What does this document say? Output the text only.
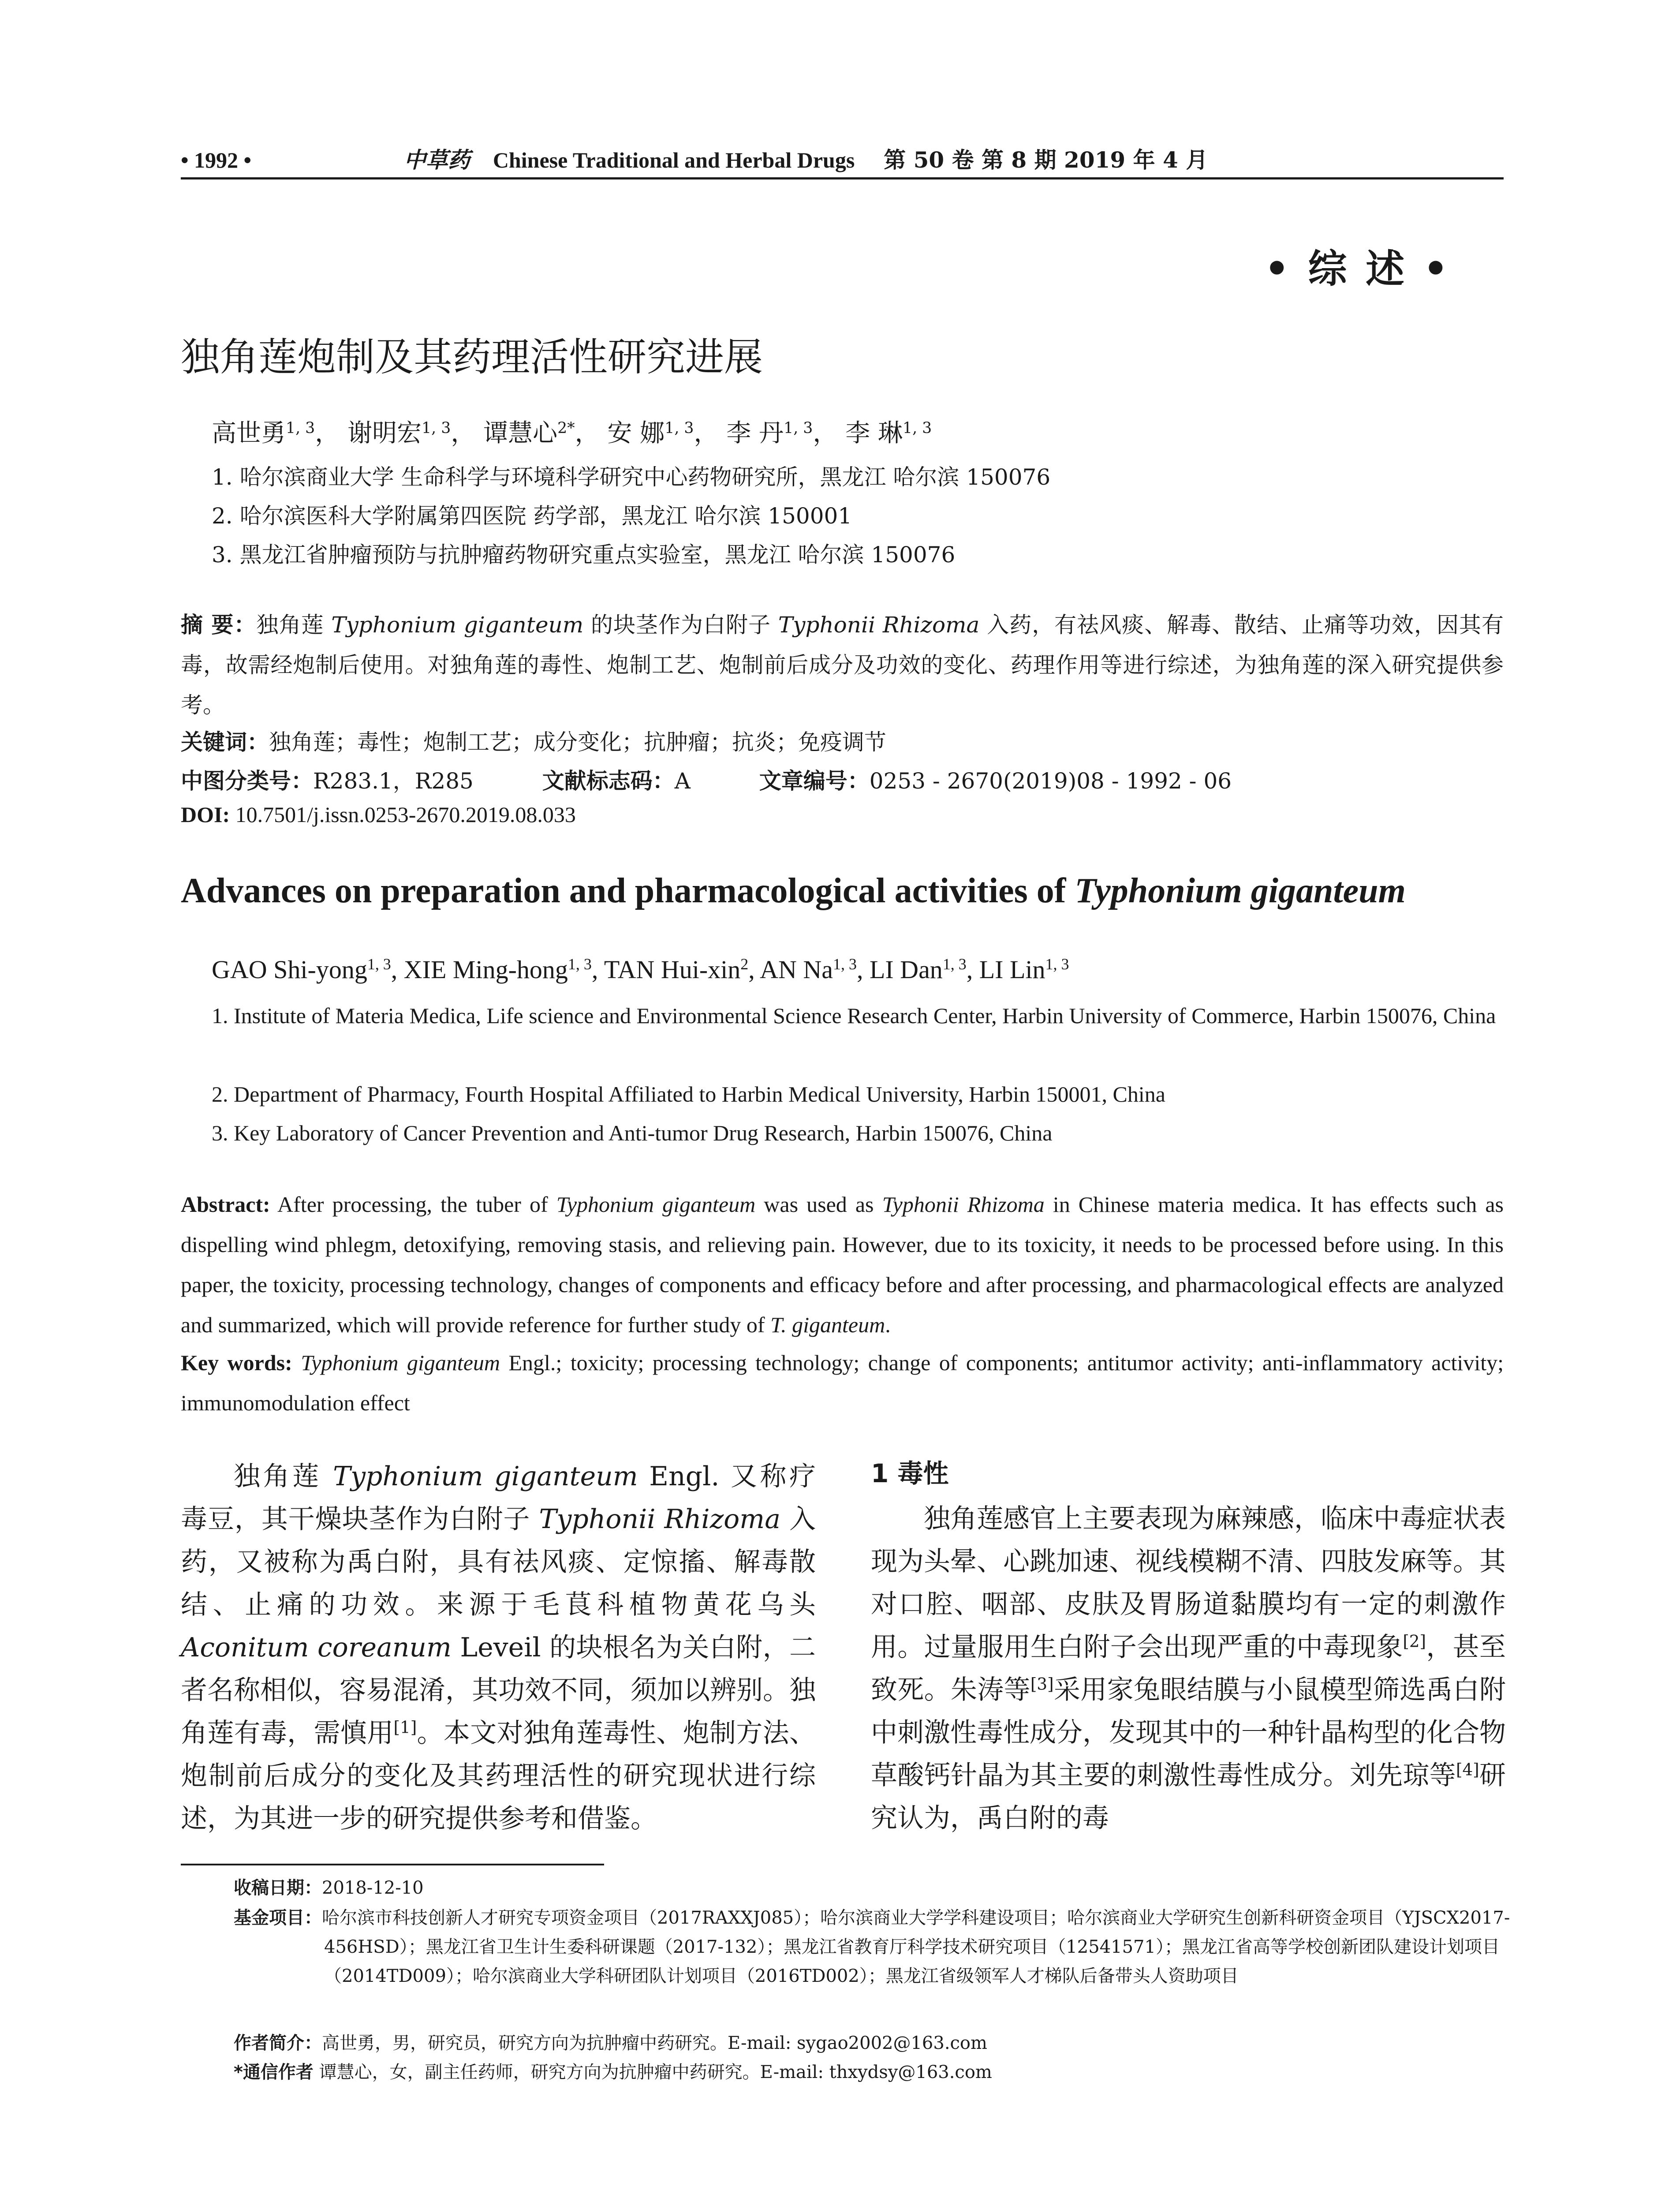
• 1992 •	中草药 Chinese Traditional and Herbal Drugs 第 50 卷 第 8 期 2019 年 4 月
• 综 述 •
独角莲炮制及其药理活性研究进展
高世勇$^{1, 3}$， 谢明宏$^{1, 3}$， 谭慧心$^{2*}$， 安 娜$^{1, 3}$， 李 丹$^{1, 3}$， 李 琳$^{1, 3}$
1. 哈尔滨商业大学 生命科学与环境科学研究中心药物研究所，黑龙江 哈尔滨 150076
2. 哈尔滨医科大学附属第四医院 药学部，黑龙江 哈尔滨 150001
3. 黑龙江省肿瘤预防与抗肿瘤药物研究重点实验室，黑龙江 哈尔滨 150076
摘 要：独角莲 Typhonium giganteum 的块茎作为白附子 Typhonii Rhizoma 入药，有祛风痰、解毒、散结、止痛等功效，因其有毒，故需经炮制后使用。对独角莲的毒性、炮制工艺、炮制前后成分及功效的变化、药理作用等进行综述，为独角莲的深入研究提供参考。
关键词：独角莲；毒性；炮制工艺；成分变化；抗肿瘤；抗炎；免疫调节
中图分类号：R283.1，R285	文献标志码：A	文章编号：0253 - 2670(2019)08 - 1992 - 06
DOI: 10.7501/j.issn.0253-2670.2019.08.033
Advances on preparation and pharmacological activities of Typhonium giganteum
GAO Shi-yong$^{1, 3}$, XIE Ming-hong$^{1, 3}$, TAN Hui-xin$^2$, AN Na$^{1, 3}$, LI Dan$^{1, 3}$, LI Lin$^{1, 3}$
1. Institute of Materia Medica, Life science and Environmental Science Research Center, Harbin University of Commerce, Harbin 150076, China
2. Department of Pharmacy, Fourth Hospital Affiliated to Harbin Medical University, Harbin 150001, China
3. Key Laboratory of Cancer Prevention and Anti-tumor Drug Research, Harbin 150076, China
Abstract: After processing, the tuber of Typhonium giganteum was used as Typhonii Rhizoma in Chinese materia medica. It has effects such as dispelling wind phlegm, detoxifying, removing stasis, and relieving pain. However, due to its toxicity, it needs to be processed before using. In this paper, the toxicity, processing technology, changes of components and efficacy before and after processing, and pharmacological effects are analyzed and summarized, which will provide reference for further study of T. giganteum.
Key words: Typhonium giganteum Engl.; toxicity; processing technology; change of components; antitumor activity; anti-inflammatory activity; immunomodulation effect

独角莲 Typhonium giganteum Engl. 又称疗毒豆，其干燥块茎作为白附子 Typhonii Rhizoma 入药，又被称为禹白附，具有祛风痰、定惊搐、解毒散结、止痛的功效。来源于毛茛科植物黄花乌头 Aconitum coreanum Leveil 的块根名为关白附，二者名称相似，容易混淆，其功效不同，须加以辨别。独角莲有毒，需慎用[1]。本文对独角莲毒性、炮制方法、炮制前后成分的变化及其药理活性的研究现状进行综述，为其进一步的研究提供参考和借鉴。

1 毒性

独角莲感官上主要表现为麻辣感，临床中毒症状表现为头晕、心跳加速、视线模糊不清、四肢发麻等。其对口腔、咽部、皮肤及胃肠道黏膜均有一定的刺激作用。过量服用生白附子会出现严重的中毒现象[2]，甚至致死。朱涛等[3]采用家兔眼结膜与小鼠模型筛选禹白附中刺激性毒性成分，发现其中的一种针晶构型的化合物草酸钙针晶为其主要的刺激性毒性成分。刘先琼等[4]研究认为，禹白附的毒

收稿日期：2018-12-10
基金项目：哈尔滨市科技创新人才研究专项资金项目（2017RAXXJ085）；哈尔滨商业大学学科建设项目；哈尔滨商业大学研究生创新科研资金项目（YJSCX2017-456HSD）；黑龙江省卫生计生委科研课题（2017-132）；黑龙江省教育厅科学技术研究项目（12541571）；黑龙江省高等学校创新团队建设计划项目（2014TD009）；哈尔滨商业大学科研团队计划项目（2016TD002）；黑龙江省级领军人才梯队后备带头人资助项目
作者简介：高世勇，男，研究员，研究方向为抗肿瘤中药研究。E-mail: sygao2002@163.com
*通信作者 谭慧心，女，副主任药师，研究方向为抗肿瘤中药研究。E-mail: thxydsy@163.com
